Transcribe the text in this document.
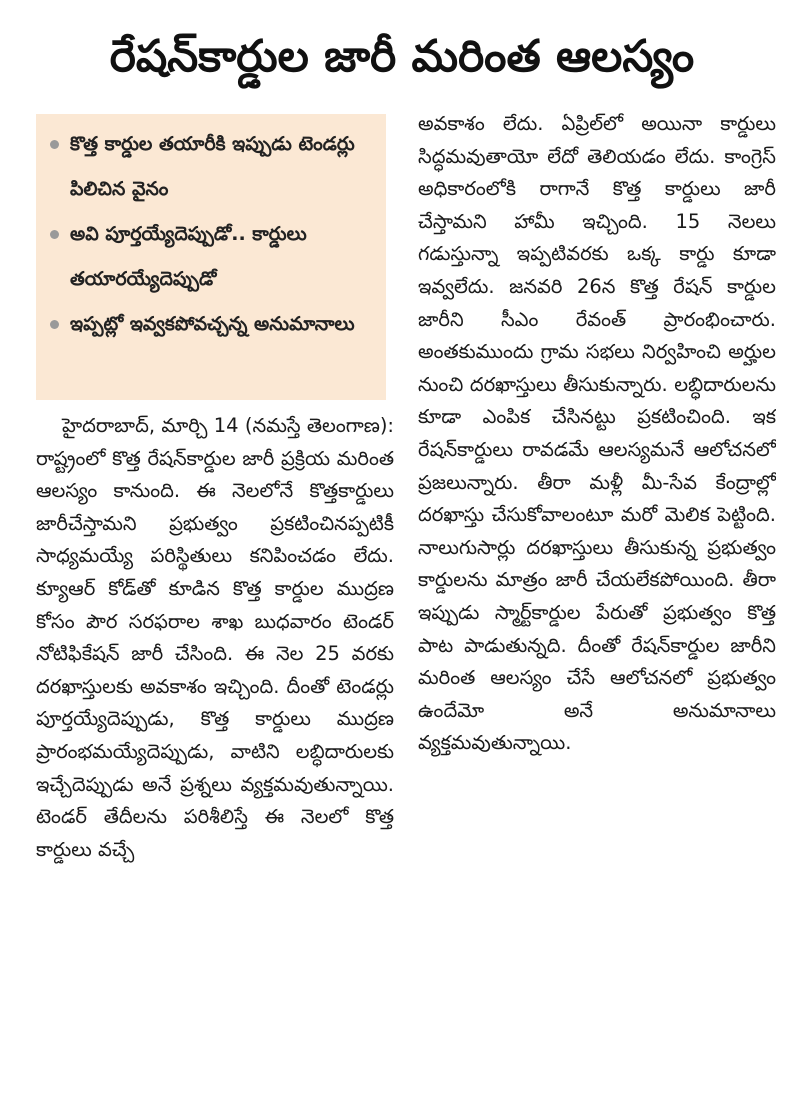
రేషన్‌కార్డుల జారీ మరింత ఆలస్యం
కొత్త కార్డుల తయారీకి ఇప్పుడు టెండర్లు పిలిచిన వైనం
అవి పూర్తయ్యేదెప్పుడో.. కార్డులు తయారయ్యేదెప్పుడో
ఇప్పట్లో ఇవ్వకపోవచ్చన్న అనుమానాలు

హైదరాబాద్, మార్చి 14 (నమస్తే తెలంగాణ): రాష్ట్రంలో కొత్త రేషన్‌కార్డుల జారీ ప్రక్రియ మరింత ఆలస్యం కానుంది. ఈ నెలలోనే కొత్తకార్డులు జారీచేస్తామని ప్రభుత్వం ప్రకటించినప్పటికీ సాధ్యమయ్యే పరిస్థితులు కనిపించడం లేదు. క్యూఆర్ కోడ్‌తో కూడిన కొత్త కార్డుల ముద్రణ కోసం పౌర సరఫరాల శాఖ బుధవారం టెండర్ నోటిఫికేషన్ జారీ చేసింది. ఈ నెల 25 వరకు దరఖాస్తులకు అవకాశం ఇచ్చింది. దీంతో టెండర్లు పూర్తయ్యేదెప్పుడు, కొత్త కార్డులు ముద్రణ ప్రారంభమయ్యేదెప్పుడు, వాటిని లబ్ధిదారులకు ఇచ్చేదెప్పుడు అనే ప్రశ్నలు వ్యక్తమవుతున్నాయి. టెండర్ తేదీలను పరిశీలిస్తే ఈ నెలలో కొత్త కార్డులు వచ్చే

అవకాశం లేదు. ఏప్రిల్‌లో అయినా కార్డులు సిద్ధమవుతాయో లేదో తెలియడం లేదు. కాంగ్రెస్ అధికారంలోకి రాగానే కొత్త కార్డులు జారీ చేస్తామని హామీ ఇచ్చింది. 15 నెలలు గడుస్తున్నా ఇప్పటివరకు ఒక్క కార్డు కూడా ఇవ్వలేదు. జనవరి 26న కొత్త రేషన్ కార్డుల జారీని సీఎం రేవంత్ ప్రారంభించారు. అంతకుముందు గ్రామ సభలు నిర్వహించి అర్హుల నుంచి దరఖాస్తులు తీసుకున్నారు. లబ్ధిదారులను కూడా ఎంపిక చేసినట్టు ప్రకటించింది. ఇక రేషన్‌కార్డులు రావడమే ఆలస్యమనే ఆలోచనలో ప్రజలున్నారు. తీరా మళ్లీ మీ-సేవ కేంద్రాల్లో దరఖాస్తు చేసుకోవాలంటూ మరో మెలిక పెట్టింది. నాలుగుసార్లు దరఖాస్తులు తీసుకున్న ప్రభుత్వం కార్డులను మాత్రం జారీ చేయలేకపోయింది. తీరా ఇప్పుడు స్మార్ట్‌కార్డుల పేరుతో ప్రభుత్వం కొత్త పాట పాడుతున్నది. దీంతో రేషన్‌కార్డుల జారీని మరింత ఆలస్యం చేసే ఆలోచనలో ప్రభుత్వం ఉందేమో అనే అనుమానాలు వ్యక్తమవుతున్నాయి.
